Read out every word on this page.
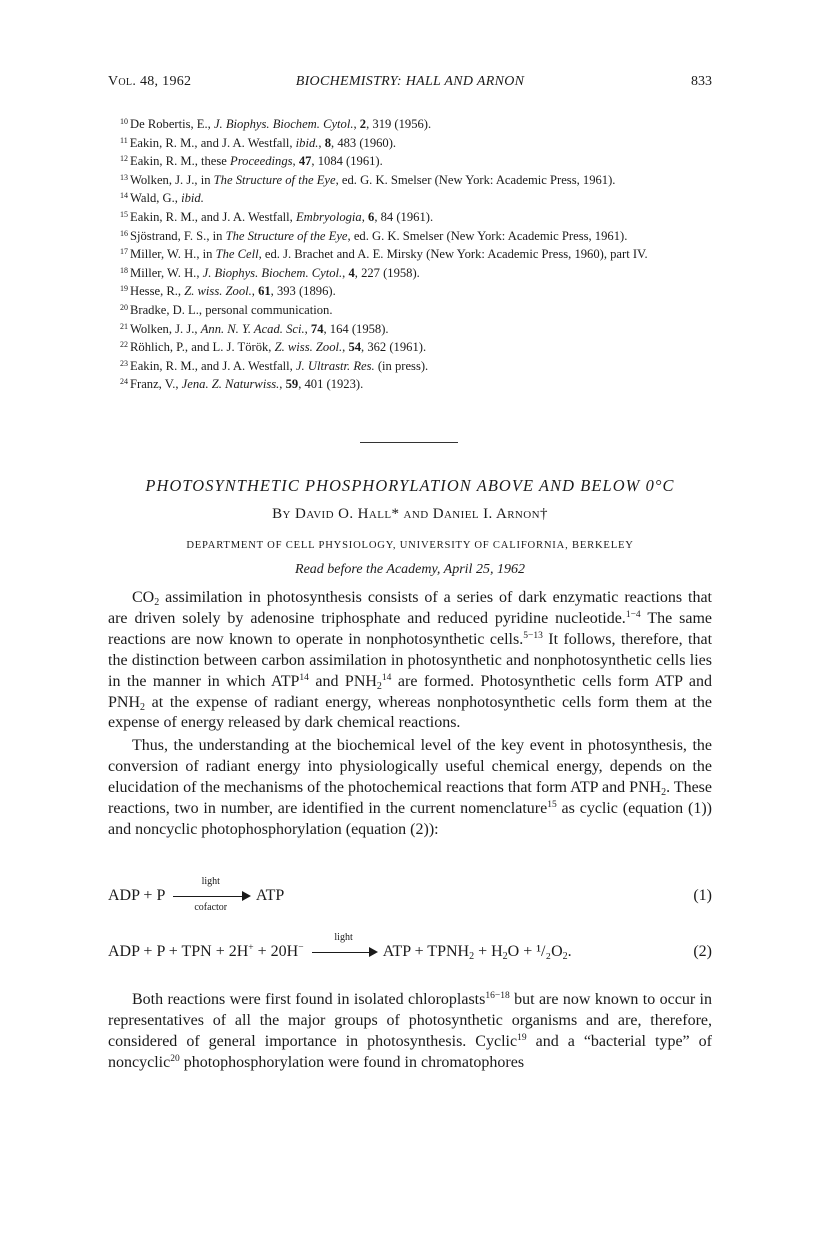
Vol. 48, 1962	BIOCHEMISTRY: HALL AND ARNON	833

$^{10}$ De Robertis, E., J. Biophys. Biochem. Cytol., 2, 319 (1956).

$^{11}$ Eakin, R. M., and J. A. Westfall, ibid., 8, 483 (1960).

$^{12}$ Eakin, R. M., these Proceedings, 47, 1084 (1961).

$^{13}$ Wolken, J. J., in The Structure of the Eye, ed. G. K. Smelser (New York: Academic Press, 1961).

$^{14}$ Wald, G., ibid.

$^{15}$ Eakin, R. M., and J. A. Westfall, Embryologia, 6, 84 (1961).

$^{16}$ Sjöstrand, F. S., in The Structure of the Eye, ed. G. K. Smelser (New York: Academic Press, 1961).

$^{17}$ Miller, W. H., in The Cell, ed. J. Brachet and A. E. Mirsky (New York: Academic Press, 1960), part IV.

$^{18}$ Miller, W. H., J. Biophys. Biochem. Cytol., 4, 227 (1958).

$^{19}$ Hesse, R., Z. wiss. Zool., 61, 393 (1896).

$^{20}$ Bradke, D. L., personal communication.

$^{21}$ Wolken, J. J., Ann. N. Y. Acad. Sci., 74, 164 (1958).

$^{22}$ Röhlich, P., and L. J. Török, Z. wiss. Zool., 54, 362 (1961).

$^{23}$ Eakin, R. M., and J. A. Westfall, J. Ultrastr. Res. (in press).

$^{24}$ Franz, V., Jena. Z. Naturwiss., 59, 401 (1923).

PHOTOSYNTHETIC PHOSPHORYLATION ABOVE AND BELOW 0°C
By David O. Hall* and Daniel I. Arnon†
DEPARTMENT OF CELL PHYSIOLOGY, UNIVERSITY OF CALIFORNIA, BERKELEY
Read before the Academy, April 25, 1962

$CO_2$ assimilation in photosynthesis consists of a series of dark enzymatic reactions that are driven solely by adenosine triphosphate and reduced pyridine nucleotide.$^{1-4}$ The same reactions are now known to operate in nonphotosynthetic cells.$^{5-13}$ It follows, therefore, that the distinction between carbon assimilation in photosynthetic and nonphotosynthetic cells lies in the manner in which ATP$^{14}$ and $PNH_2^{14}$ are formed. Photosynthetic cells form ATP and $PNH_2$ at the expense of radiant energy, whereas nonphotosynthetic cells form them at the expense of energy released by dark chemical reactions.

Thus, the understanding at the biochemical level of the key event in photosynthesis, the conversion of radiant energy into physiologically useful chemical energy, depends on the elucidation of the mechanisms of the photochemical reactions that form ATP and $PNH_2$. These reactions, two in number, are identified in the current nomenclature$^{15}$ as cyclic (equation (1)) and noncyclic photophosphorylation (equation (2)):

ADP + P
light
cofactor
ATP	(1)
ADP + P + TPN + 2H+ + 20H−
light
ATP + $TPNH_2 + H_2O + ^1/_2O_2$.	(2)

Both reactions were first found in isolated chloroplasts$^{16-18}$ but are now known to occur in representatives of all the major groups of photosynthetic organisms and are, therefore, considered of general importance in photosynthesis. Cyclic$^{19}$ and a “bacterial type” of noncyclic$^{20}$ photophosphorylation were found in chromatophores
